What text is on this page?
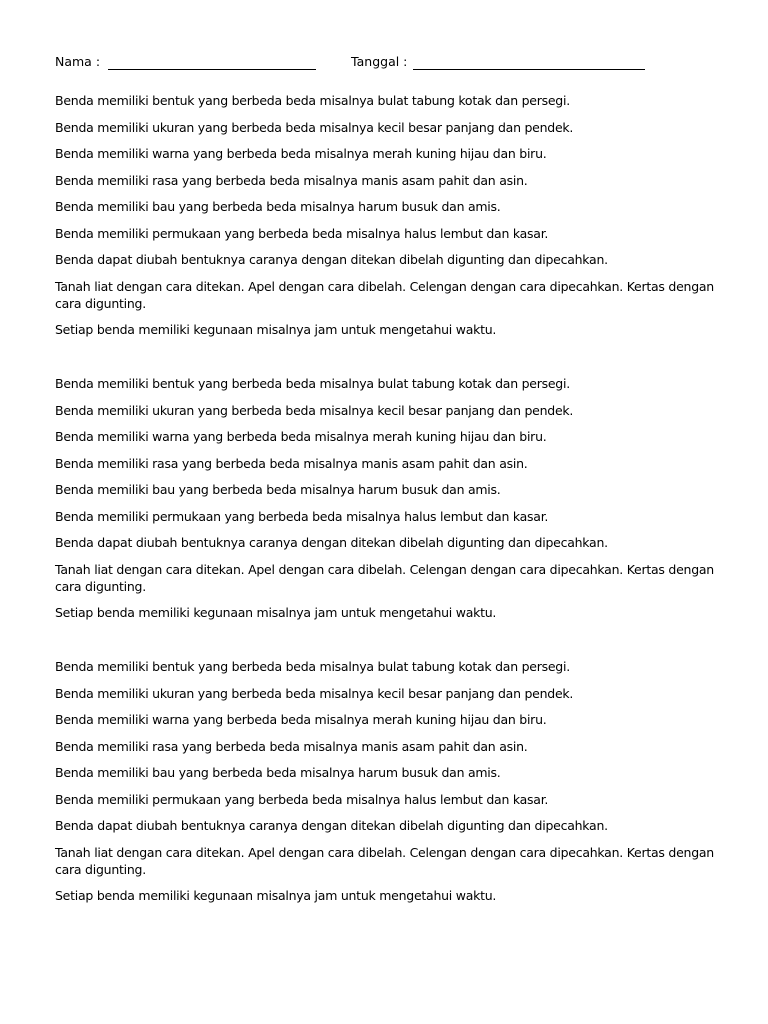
Nama :	Tanggal :

Benda memiliki bentuk yang berbeda beda misalnya bulat tabung kotak dan persegi.

Benda memiliki ukuran yang berbeda beda misalnya kecil besar panjang dan pendek.

Benda memiliki warna yang berbeda beda misalnya merah kuning hijau dan biru.

Benda memiliki rasa yang berbeda beda misalnya manis asam pahit dan asin.

Benda memiliki bau yang berbeda beda misalnya harum busuk dan amis.

Benda memiliki permukaan yang berbeda beda misalnya halus lembut dan kasar.

Benda dapat diubah bentuknya caranya dengan ditekan dibelah digunting dan dipecahkan.

Tanah liat dengan cara ditekan. Apel dengan cara dibelah. Celengan dengan cara dipecahkan. Kertas dengan cara digunting.

Setiap benda memiliki kegunaan misalnya jam untuk mengetahui waktu.

Benda memiliki bentuk yang berbeda beda misalnya bulat tabung kotak dan persegi.

Benda memiliki ukuran yang berbeda beda misalnya kecil besar panjang dan pendek.

Benda memiliki warna yang berbeda beda misalnya merah kuning hijau dan biru.

Benda memiliki rasa yang berbeda beda misalnya manis asam pahit dan asin.

Benda memiliki bau yang berbeda beda misalnya harum busuk dan amis.

Benda memiliki permukaan yang berbeda beda misalnya halus lembut dan kasar.

Benda dapat diubah bentuknya caranya dengan ditekan dibelah digunting dan dipecahkan.

Tanah liat dengan cara ditekan. Apel dengan cara dibelah. Celengan dengan cara dipecahkan. Kertas dengan cara digunting.

Setiap benda memiliki kegunaan misalnya jam untuk mengetahui waktu.

Benda memiliki bentuk yang berbeda beda misalnya bulat tabung kotak dan persegi.

Benda memiliki ukuran yang berbeda beda misalnya kecil besar panjang dan pendek.

Benda memiliki warna yang berbeda beda misalnya merah kuning hijau dan biru.

Benda memiliki rasa yang berbeda beda misalnya manis asam pahit dan asin.

Benda memiliki bau yang berbeda beda misalnya harum busuk dan amis.

Benda memiliki permukaan yang berbeda beda misalnya halus lembut dan kasar.

Benda dapat diubah bentuknya caranya dengan ditekan dibelah digunting dan dipecahkan.

Tanah liat dengan cara ditekan. Apel dengan cara dibelah. Celengan dengan cara dipecahkan. Kertas dengan cara digunting.

Setiap benda memiliki kegunaan misalnya jam untuk mengetahui waktu.
